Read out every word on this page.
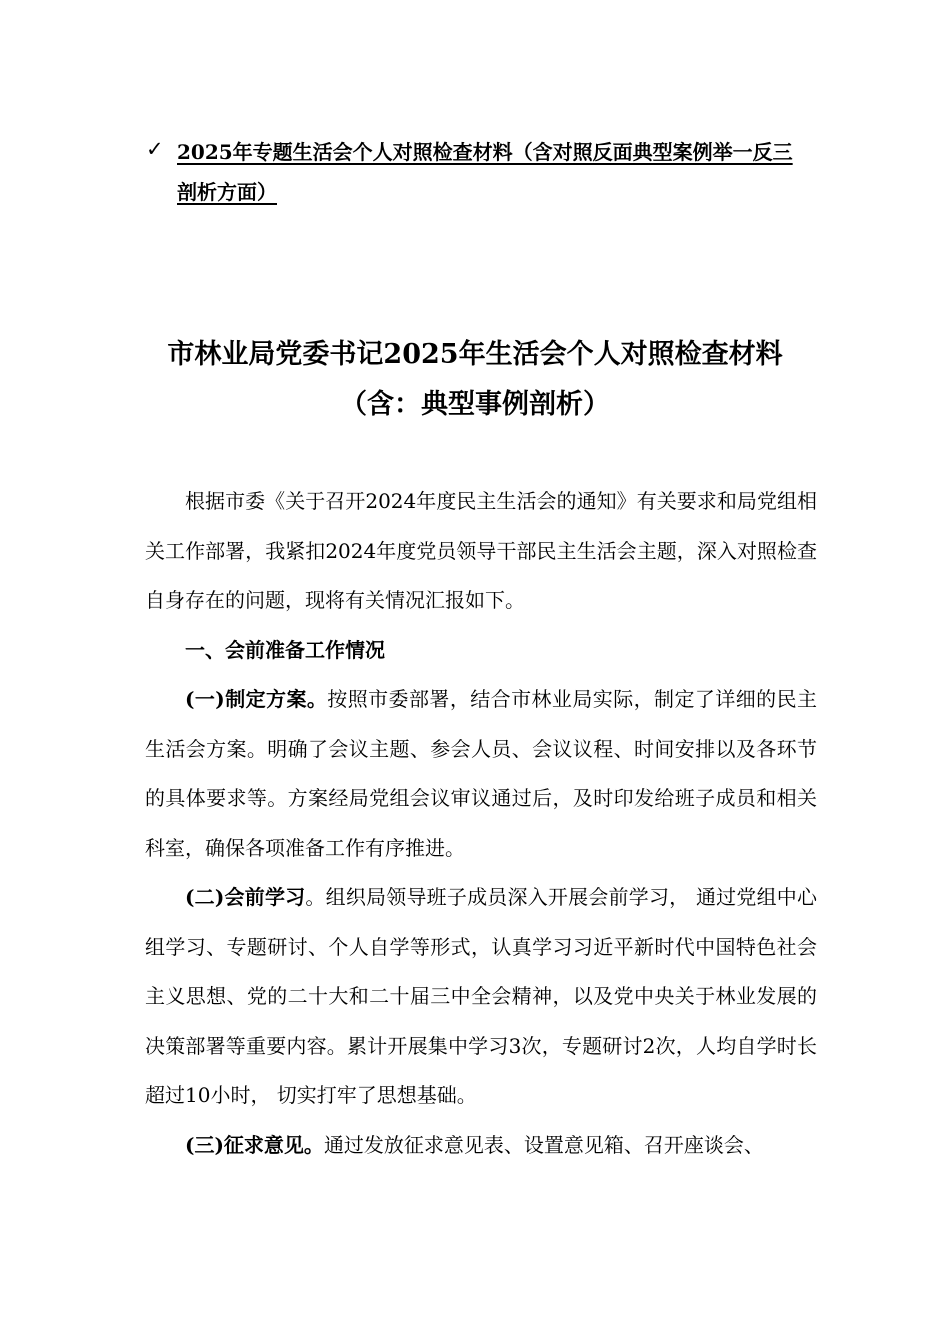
✓ 2025年专题生活会个人对照检查材料（含对照反面典型案例举一反三剖析方面）
市林业局党委书记2025年生活会个人对照检查材料
（含：典型事例剖析）

根据市委《关于召开2024年度民主生活会的通知》有关要求和局党组相关工作部署，我紧扣2024年度党员领导干部民主生活会主题，深入对照检查自身存在的问题，现将有关情况汇报如下。

一、会前准备工作情况

(一)制定方案。按照市委部署，结合市林业局实际，制定了详细的民主生活会方案。明确了会议主题、参会人员、会议议程、时间安排以及各环节的具体要求等。方案经局党组会议审议通过后，及时印发给班子成员和相关科室，确保各项准备工作有序推进。

(二)会前学习。组织局领导班子成员深入开展会前学习， 通过党组中心组学习、专题研讨、个人自学等形式，认真学习习近平新时代中国特色社会主义思想、党的二十大和二十届三中全会精神，以及党中央关于林业发展的决策部署等重要内容。累计开展集中学习3次，专题研讨2次，人均自学时长超过10小时， 切实打牢了思想基础。

(三)征求意见。通过发放征求意见表、设置意见箱、召开座谈会、
